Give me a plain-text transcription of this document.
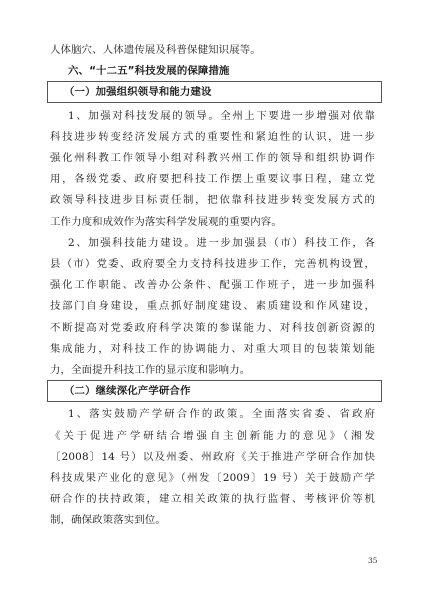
人体脑穴、人体遗传展及科普保健知识展等。
六、“十二五”科技发展的保障措施
（一）加强组织领导和能力建设
1、加强对科技发展的领导。全州上下要进一步增强对依靠
科技进步转变经济发展方式的重要性和紧迫性的认识，进一步
强化州科教工作领导小组对科教兴州工作的领导和组织协调作
用，各级党委、政府要把科技工作摆上重要议事日程，建立党
政领导科技进步目标责任制，把依靠科技进步转变发展方式的
工作力度和成效作为落实科学发展观的重要内容。
2、加强科技能力建设。进一步加强县（市）科技工作，各
县（市）党委、政府要全力支持科技进步工作，完善机构设置，
强化工作职能、改善办公条件、配强工作班子，进一步加强科
技部门自身建设，重点抓好制度建设、素质建设和作风建设，
不断提高对党委政府科学决策的参谋能力、对科技创新资源的
集成能力，对科技工作的协调能力、对重大项目的包装策划能
力，全面提升科技工作的显示度和影响力。
（二）继续深化产学研合作
1、落实鼓励产学研合作的政策。全面落实省委、省政府
《关于促进产学研结合增强自主创新能力的意见》（湘发
〔2008〕14 号）以及州委、州政府《关于推进产学研合作加快
科技成果产业化的意见》（州发〔2009〕19 号）关于鼓励产学
研合作的扶持政策，建立相关政策的执行监督、考核评价等机
制，确保政策落实到位。
35
